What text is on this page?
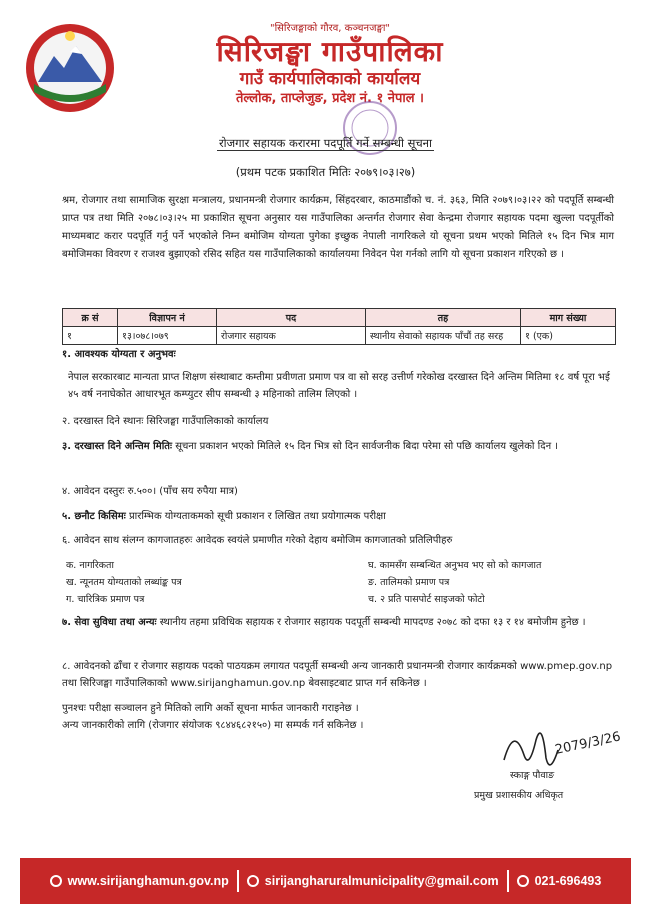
"सिरिजङ्घाको गौरव, कञ्चनजङ्घा"
सिरिजङ्घा गाउँपालिका
गाउँ कार्यपालिकाको कार्यालय
तेल्लोक, ताप्लेजुङ, प्रदेश नं. १ नेपाल ।
रोजगार सहायक करारमा पदपूर्ति गर्ने सम्बन्धी सूचना
(प्रथम पटक प्रकाशित मितिः २०७९।०३।२७)
श्रम, रोजगार तथा सामाजिक सुरक्षा मन्त्रालय, प्रधानमन्त्री रोजगार कार्यक्रम, सिंहदरबार, काठमाडौंको च. नं. ३६३, मिति २०७९।०३।२२ को पदपूर्ति सम्बन्धी प्राप्त पत्र तथा मिति २०७८।०३।२५ मा प्रकाशित सूचना अनुसार यस गाउँपालिका अन्तर्गत रोजगार सेवा केन्द्रमा रोजगार सहायक पदमा खुल्ला पदपूर्तीको माध्यमबाट करार पदपूर्ति गर्नु पर्ने भएकोले निम्न बमोजिम योग्यता पुगेका इच्छुक नेपाली नागरिकले यो सूचना प्रथम भएको मितिले १५ दिन भित्र माग बमोजिमका विवरण र राजश्व बुझाएको रसिद सहित यस गाउँपालिकाको कार्यालयमा निवेदन पेश गर्नको लागि यो सूचना प्रकाशन गरिएको छ ।
क्र सं	विज्ञापन नं	पद	तह	माग संख्या
१	१३।०७८।०७९	रोजगार सहायक	स्थानीय सेवाको सहायक पाँचौं तह सरह	१ (एक)
१. आवश्यक योग्यता र अनुभवः
नेपाल सरकारबाट मान्यता प्राप्त शिक्षण संस्थाबाट कम्तीमा प्रवीणता प्रमाण पत्र वा सो सरह उत्तीर्ण गरेकोख दरखास्त दिने अन्तिम मितिमा १८ वर्ष पूरा भई ४५ वर्ष ननाघेकोत आधारभूत कम्प्युटर सीप सम्बन्धी ३ महिनाको तालिम लिएको ।
२. दरखास्त दिने स्थानः सिरिजङ्घा गाउँपालिकाको कार्यालय
३. दरखास्त दिने अन्तिम मितिः सूचना प्रकाशन भएको मितिले १५ दिन भित्र सो दिन सार्वजनीक बिदा परेमा सो पछि कार्यालय खुलेको दिन ।
४. आवेदन दस्तुरः रु.५००। (पाँच सय रुपैया मात्र)
५. छनौट किसिमः प्रारम्भिक योग्यताकमको सूची प्रकाशन र लिखित तथा प्रयोगात्मक परीक्षा
६. आवेदन साथ संलग्न कागजातहरुः आवेदक स्वयंले प्रमाणीत गरेको देहाय बमोजिम कागजातको प्रतिलिपीहरु
क. नागरिकता
ख. न्यूनतम योग्यताको लब्धांङ्क पत्र
ग. चारित्रिक प्रमाण पत्र
घ. कामसँग सम्बन्धित अनुभव भए सो को कागजात
ङ. तालिमको प्रमाण पत्र
च. २ प्रति पासपोर्ट साइजको फोटो
७. सेवा सुविधा तथा अन्यः स्थानीय तहमा प्रविधिक सहायक र रोजगार सहायक पदपूर्ती सम्बन्धी मापदण्ड २०७८ को दफा १३ र १४ बमोजीम हुनेछ ।
८. आवेदनको ढाँचा र रोजगार सहायक पदको पाठयक्रम लगायत पदपूर्ती सम्बन्धी अन्य जानकारी प्रधानमन्त्री रोजगार कार्यक्रमको www.pmep.gov.np तथा सिरिजङ्घा गाउँपालिकाको www.sirijanghamun.gov.np बेवसाइटबाट प्राप्त गर्न सकिनेछ ।
पुनश्चः परीक्षा सञ्चालन हुने मितिको लागि अर्को सूचना मार्फत जानकारी गराइनेछ ।
अन्य जानकारीको लागि (रोजगार संयोजक ९८४४६८२१५०) मा सम्पर्क गर्न सकिनेछ ।
2079/3/26
स्काङ्ग पौवाङ
प्रमुख प्रशासकीय अधिकृत
www.sirijanghamun.gov.np	sirijangharuralmunicipality@gmail.com	021-696493
